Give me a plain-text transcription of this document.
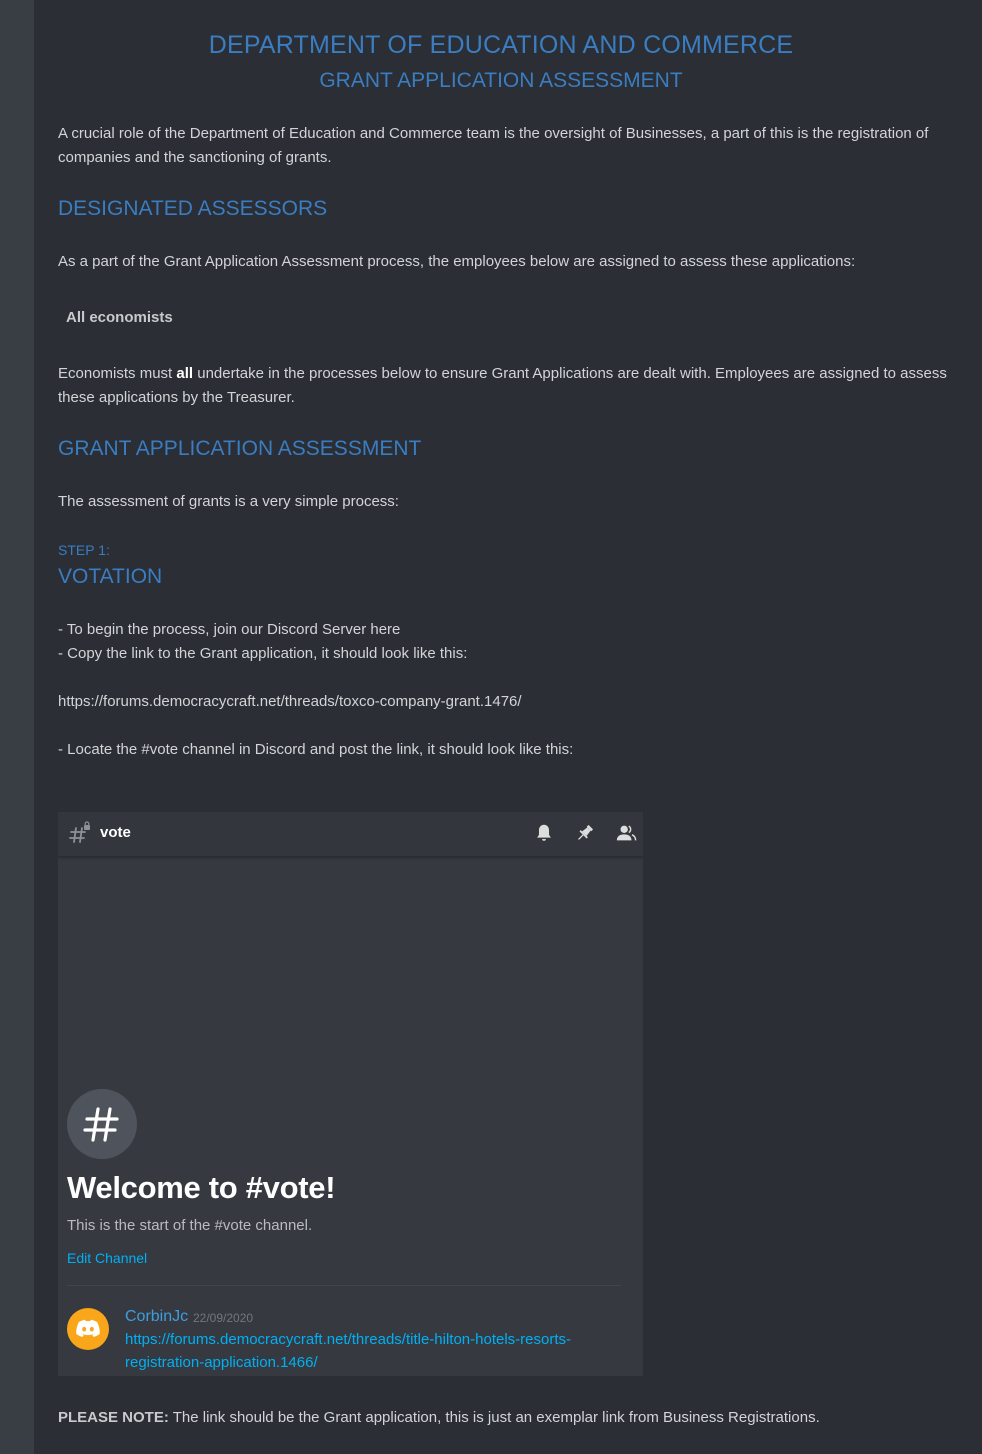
DEPARTMENT OF EDUCATION AND COMMERCE
GRANT APPLICATION ASSESSMENT
A crucial role of the Department of Education and Commerce team is the oversight of Businesses, a part of this is the registration of companies and the sanctioning of grants.
DESIGNATED ASSESSORS
As a part of the Grant Application Assessment process, the employees below are assigned to assess these applications:
All economists
Economists must all undertake in the processes below to ensure Grant Applications are dealt with. Employees are assigned to assess these applications by the Treasurer.
GRANT APPLICATION ASSESSMENT
The assessment of grants is a very simple process:
STEP 1:
VOTATION
- To begin the process, join our Discord Server here
- Copy the link to the Grant application, it should look like this:
https://forums.democracycraft.net/threads/toxco-company-grant.1476/
- Locate the #vote channel in Discord and post the link, it should look like this:
vote
Welcome to #vote!
This is the start of the #vote channel.
Edit Channel
CorbinJc 22/09/2020
https://forums.democracycraft.net/threads/title-hilton-hotels-resorts-registration-application.1466/
PLEASE NOTE: The link should be the Grant application, this is just an exemplar link from Business Registrations.
